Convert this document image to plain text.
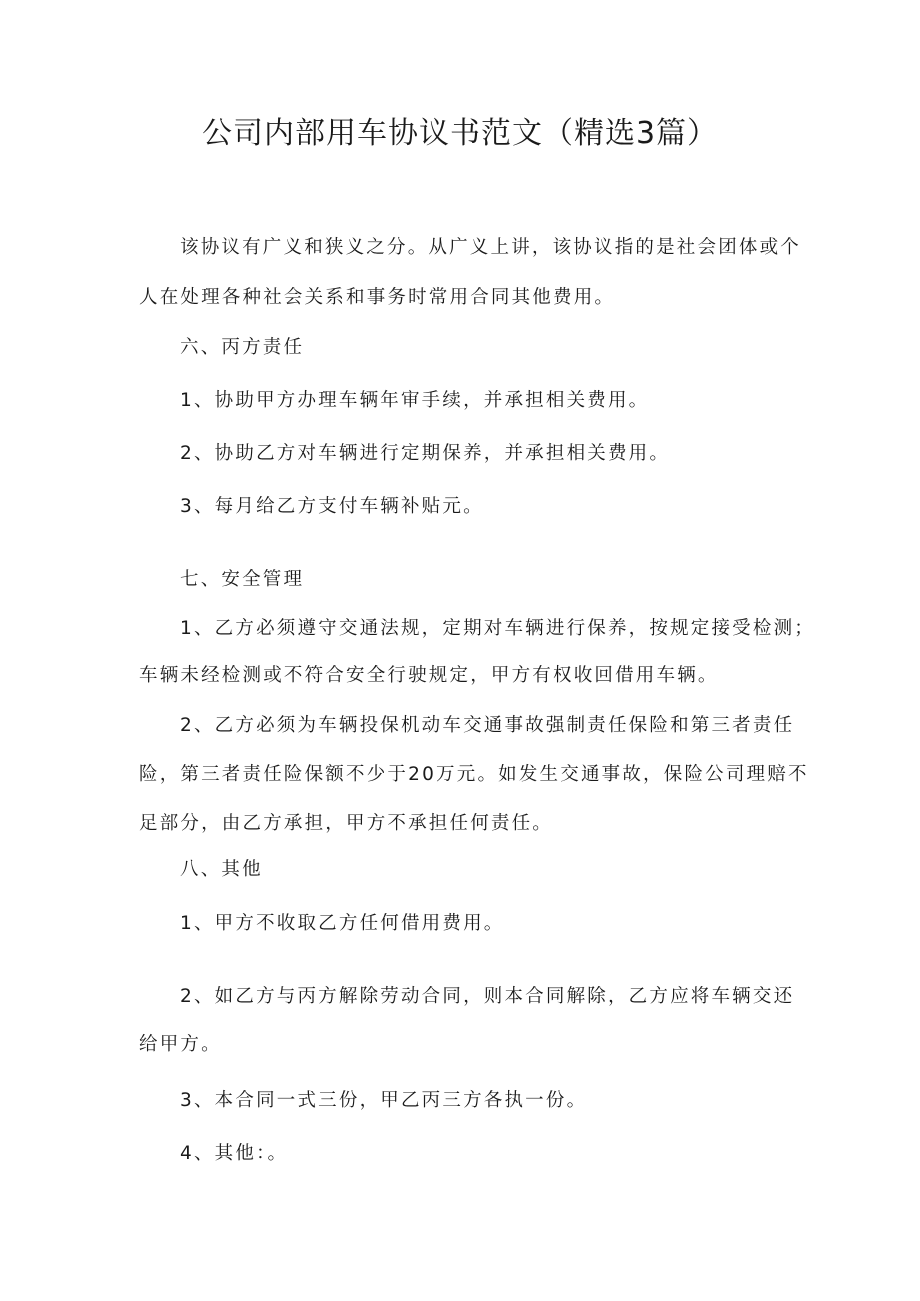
公司内部用车协议书范文（精选3篇）
该协议有广义和狭义之分。从广义上讲，该协议指的是社会团体或个
人在处理各种社会关系和事务时常用合同其他费用。
六、丙方责任
1、协助甲方办理车辆年审手续，并承担相关费用。
2、协助乙方对车辆进行定期保养，并承担相关费用。
3、每月给乙方支付车辆补贴元。
七、安全管理
1、乙方必须遵守交通法规，定期对车辆进行保养，按规定接受检测；
车辆未经检测或不符合安全行驶规定，甲方有权收回借用车辆。
2、乙方必须为车辆投保机动车交通事故强制责任保险和第三者责任
险，第三者责任险保额不少于20万元。如发生交通事故，保险公司理赔不
足部分，由乙方承担，甲方不承担任何责任。
八、其他
1、甲方不收取乙方任何借用费用。
2、如乙方与丙方解除劳动合同，则本合同解除，乙方应将车辆交还
给甲方。
3、本合同一式三份，甲乙丙三方各执一份。
4、其他：。
